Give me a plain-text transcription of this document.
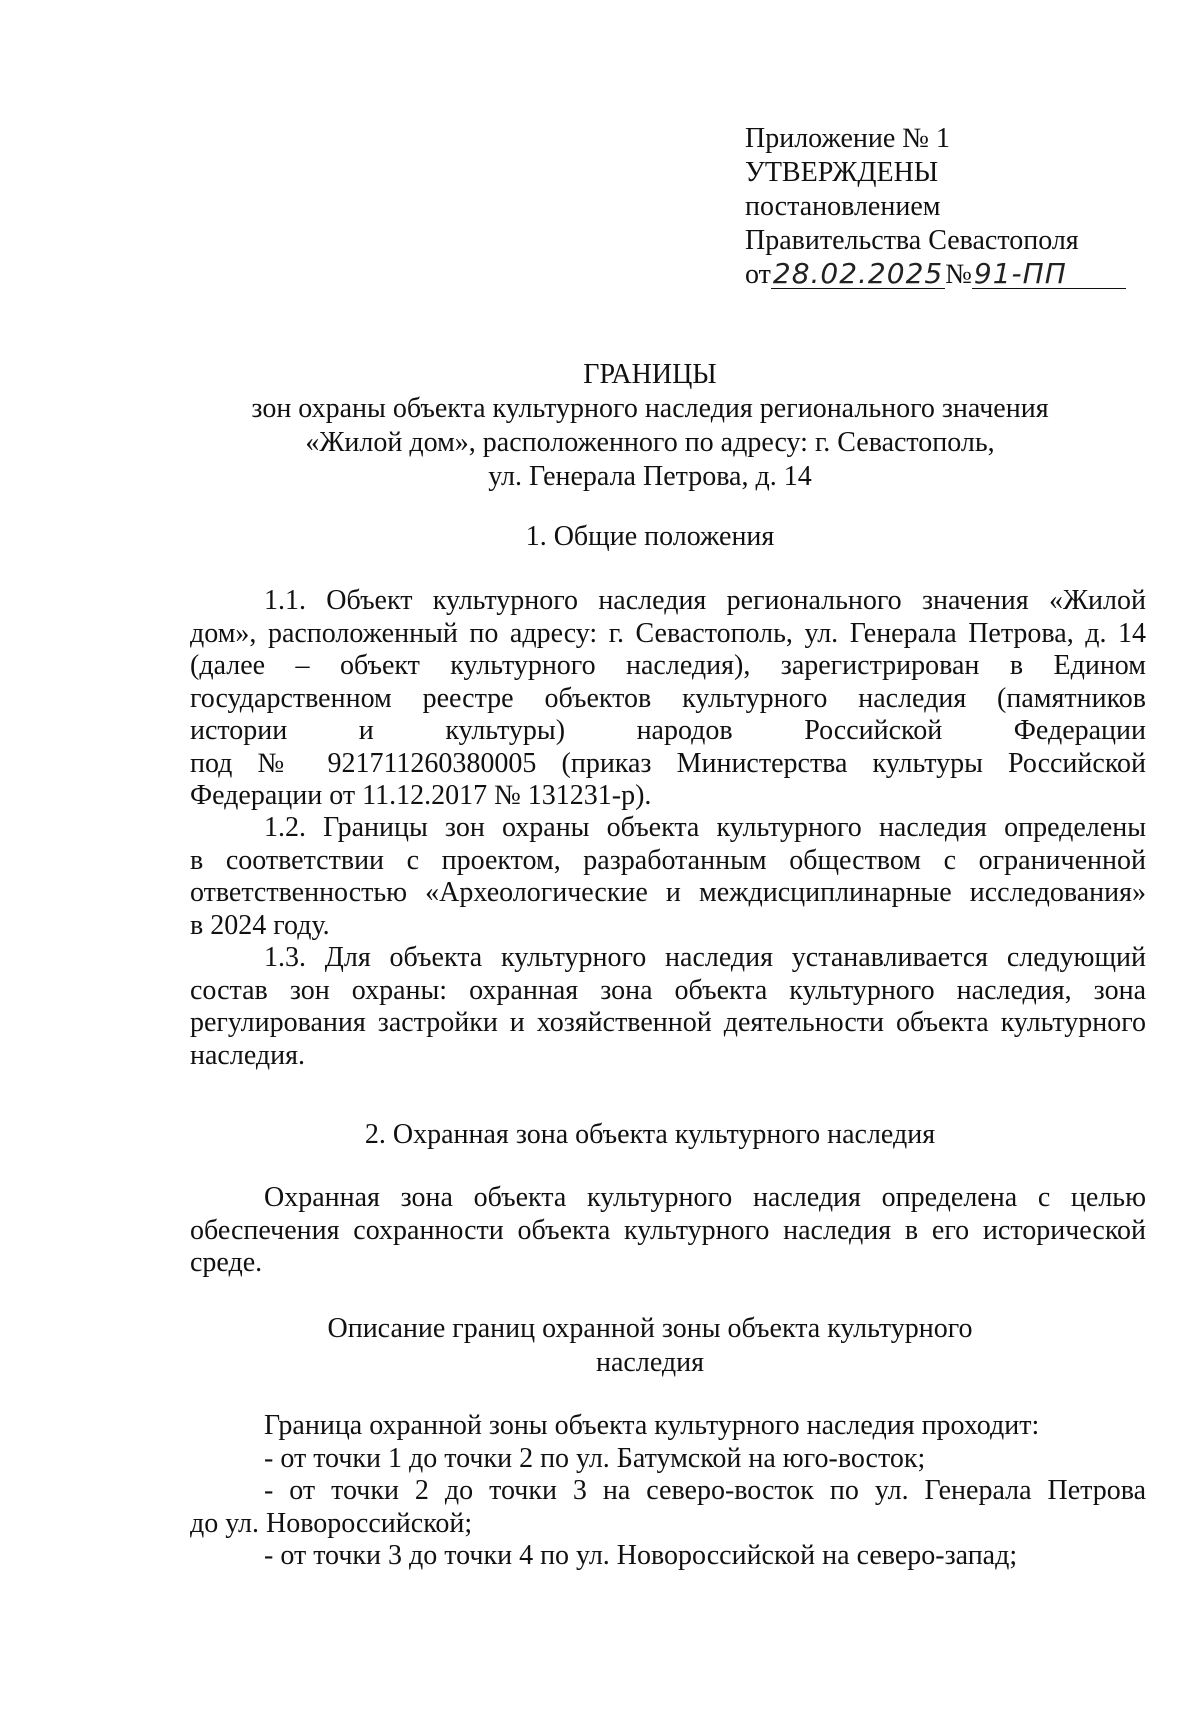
Приложение № 1
УТВЕРЖДЕНЫ
постановлением
Правительства Севастополя
от28.02.2025№91-ПП
ГРАНИЦЫ
зон охраны объекта культурного наследия регионального значения
«Жилой дом», расположенного по адресу: г. Севастополь,
ул. Генерала Петрова, д. 14
1. Общие положения
1.1. Объект культурного наследия регионального значения «Жилой
дом», расположенный по адресу: г. Севастополь, ул. Генерала Петрова, д. 14
(далее – объект культурного наследия), зарегистрирован в Едином
государственном реестре объектов культурного наследия (памятников
истории и культуры) народов Российской Федерации
под № 921711260380005 (приказ Министерства культуры Российской
Федерации от 11.12.2017 № 131231-р).
1.2. Границы зон охраны объекта культурного наследия определены
в соответствии с проектом, разработанным обществом с ограниченной
ответственностью «Археологические и междисциплинарные исследования»
в 2024 году.
1.3. Для объекта культурного наследия устанавливается следующий
состав зон охраны: охранная зона объекта культурного наследия, зона
регулирования застройки и хозяйственной деятельности объекта культурного
наследия.
2. Охранная зона объекта культурного наследия
Охранная зона объекта культурного наследия определена с целью
обеспечения сохранности объекта культурного наследия в его исторической
среде.
Описание границ охранной зоны объекта культурного
наследия
Граница охранной зоны объекта культурного наследия проходит:
- от точки 1 до точки 2 по ул. Батумской на юго-восток;
- от точки 2 до точки 3 на северо-восток по ул. Генерала Петрова
до ул. Новороссийской;
- от точки 3 до точки 4 по ул. Новороссийской на северо-запад;
